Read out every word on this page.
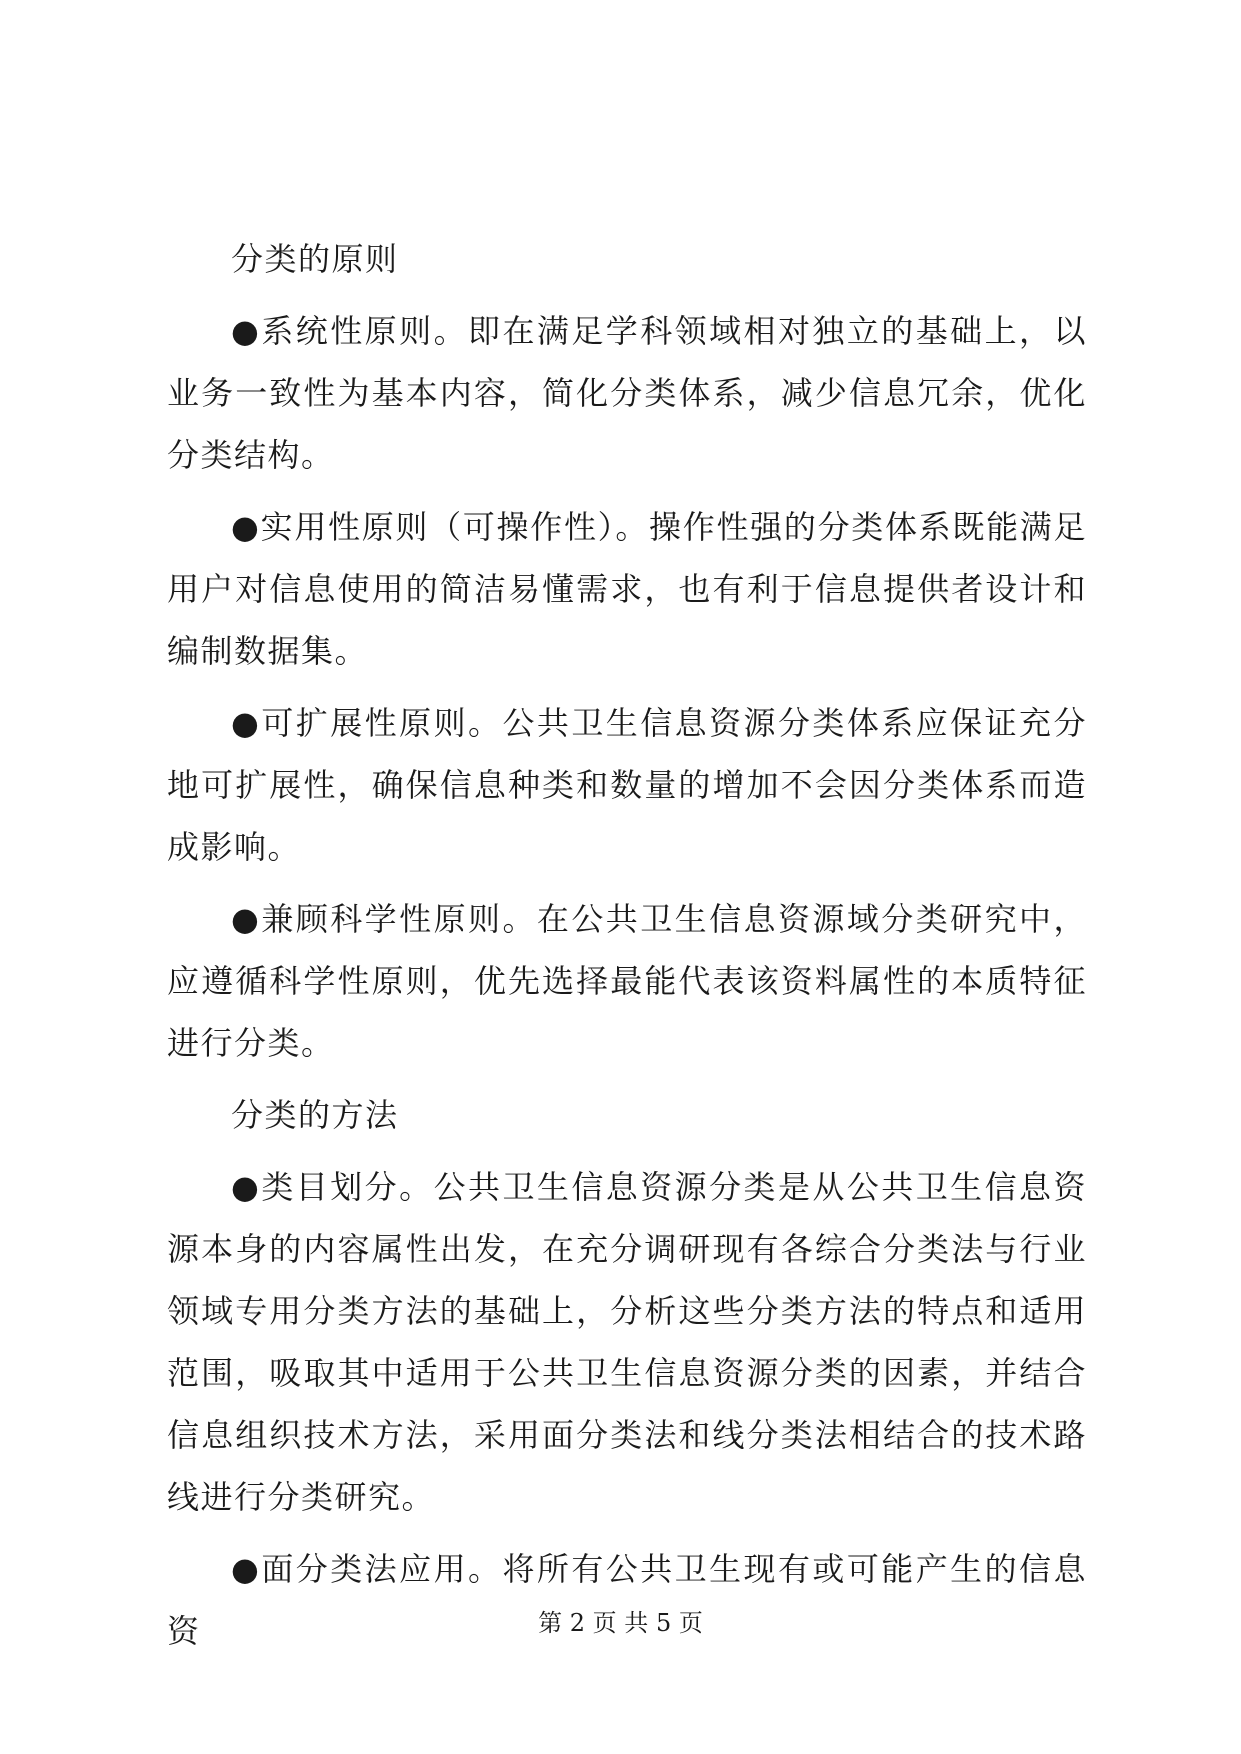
分类的原则

●系统性原则。即在满足学科领域相对独立的基础上，以业务一致性为基本内容，简化分类体系，减少信息冗余，优化分类结构。

●实用性原则（可操作性）。操作性强的分类体系既能满足用户对信息使用的简洁易懂需求，也有利于信息提供者设计和编制数据集。

●可扩展性原则。公共卫生信息资源分类体系应保证充分地可扩展性，确保信息种类和数量的增加不会因分类体系而造成影响。

●兼顾科学性原则。在公共卫生信息资源域分类研究中，应遵循科学性原则，优先选择最能代表该资料属性的本质特征进行分类。

分类的方法

●类目划分。公共卫生信息资源分类是从公共卫生信息资源本身的内容属性出发，在充分调研现有各综合分类法与行业领域专用分类方法的基础上，分析这些分类方法的特点和适用范围，吸取其中适用于公共卫生信息资源分类的因素，并结合信息组织技术方法，采用面分类法和线分类法相结合的技术路线进行分类研究。

●面分类法应用。将所有公共卫生现有或可能产生的信息资	第 2 页 共 5 页
